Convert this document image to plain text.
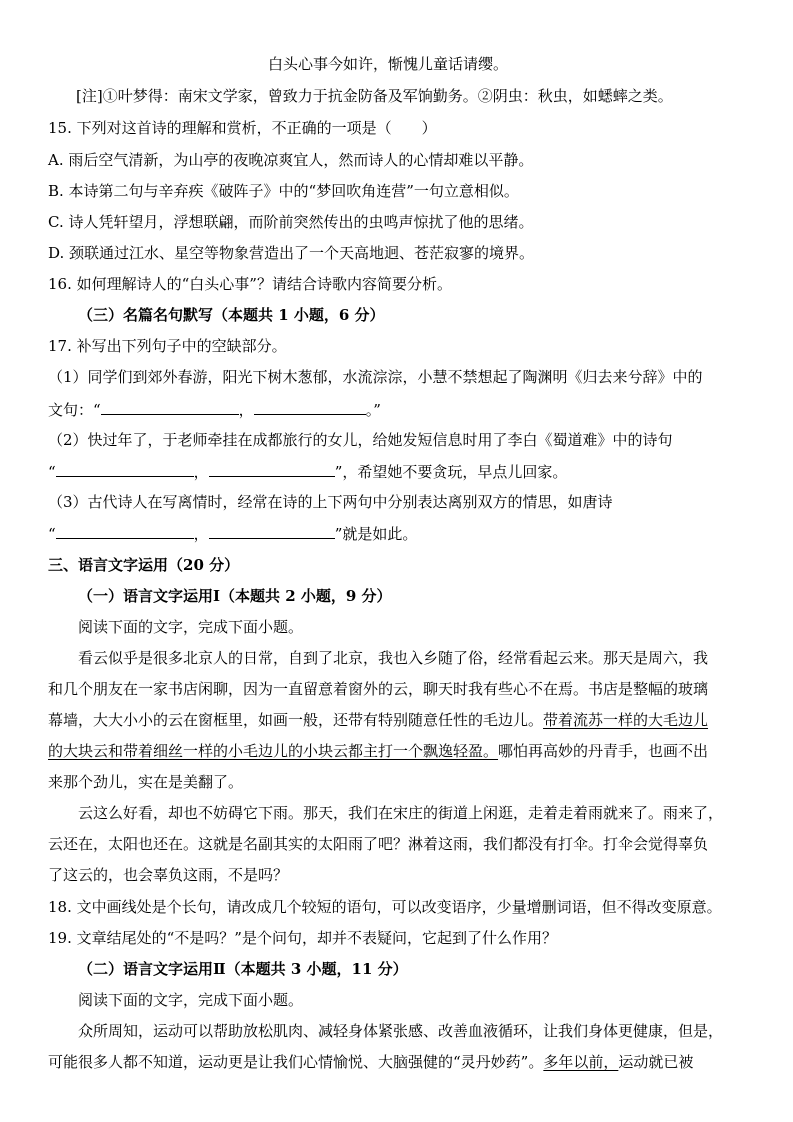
白头心事今如许，惭愧儿童话请缨。
[注]①叶梦得：南宋文学家，曾致力于抗金防备及军饷勤务。②阴虫：秋虫，如蟋蟀之类。
15. 下列对这首诗的理解和赏析，不正确的一项是（　　）
A. 雨后空气清新，为山亭的夜晚凉爽宜人，然而诗人的心情却难以平静。
B. 本诗第二句与辛弃疾《破阵子》中的“梦回吹角连营”一句立意相似。
C. 诗人凭轩望月，浮想联翩，而阶前突然传出的虫鸣声惊扰了他的思绪。
D. 颈联通过江水、星空等物象营造出了一个天高地迥、苍茫寂寥的境界。
16. 如何理解诗人的“白头心事”？请结合诗歌内容简要分析。
（三）名篇名句默写（本题共 1 小题，6 分）
17. 补写出下列句子中的空缺部分。
（1）同学们到郊外春游，阳光下树木葱郁，水流淙淙，小慧不禁想起了陶渊明《归去来兮辞》中的
文句：“	，	。”
（2）快过年了，于老师牵挂在成都旅行的女儿，给她发短信息时用了李白《蜀道难》中的诗句
“	，	”，希望她不要贪玩，早点儿回家。
（3）古代诗人在写离情时，经常在诗的上下两句中分别表达离别双方的情思，如唐诗
“	，	”就是如此。
三、语言文字运用（20 分）
（一）语言文字运用Ⅰ（本题共 2 小题，9 分）
阅读下面的文字，完成下面小题。
看云似乎是很多北京人的日常，自到了北京，我也入乡随了俗，经常看起云来。那天是周六，我
和几个朋友在一家书店闲聊，因为一直留意着窗外的云，聊天时我有些心不在焉。书店是整幅的玻璃
幕墙，大大小小的云在窗框里，如画一般，还带有特别随意任性的毛边儿。带着流苏一样的大毛边儿
的大块云和带着细丝一样的小毛边儿的小块云都主打一个飘逸轻盈。哪怕再高妙的丹青手，也画不出
来那个劲儿，实在是美翻了。
云这么好看，却也不妨碍它下雨。那天，我们在宋庄的街道上闲逛，走着走着雨就来了。雨来了，
云还在，太阳也还在。这就是名副其实的太阳雨了吧？淋着这雨，我们都没有打伞。打伞会觉得辜负
了这云的，也会辜负这雨，不是吗？
18. 文中画线处是个长句，请改成几个较短的语句，可以改变语序，少量增删词语，但不得改变原意。
19. 文章结尾处的“不是吗？”是个问句，却并不表疑问，它起到了什么作用？
（二）语言文字运用Ⅱ（本题共 3 小题，11 分）
阅读下面的文字，完成下面小题。
众所周知，运动可以帮助放松肌肉、减轻身体紧张感、改善血液循环，让我们身体更健康，但是，
可能很多人都不知道，运动更是让我们心情愉悦、大脑强健的“灵丹妙药”。多年以前，运动就已被
